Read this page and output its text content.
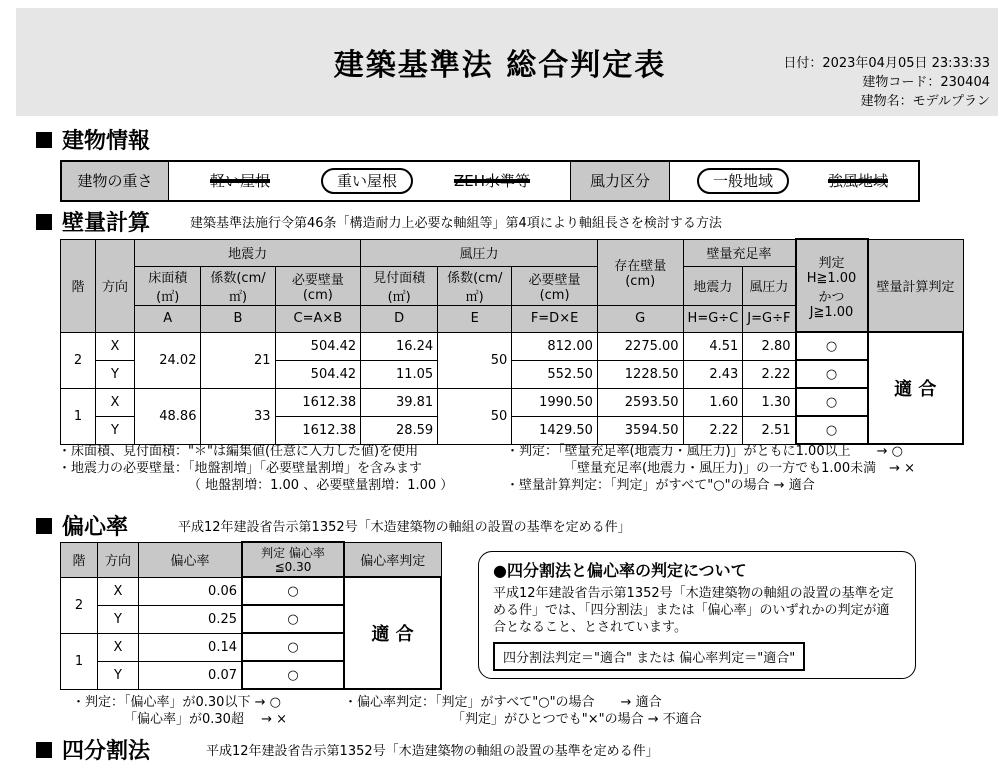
建築基準法 総合判定表	日付：2023年04月05日 23:33:33
建物コード：230404
建物名：モデルプラン
建物情報
建物の重さ	軽い屋根	重い屋根	ZEH水準等	風力区分	一般地域	強風地域
壁量計算	建築基準法施行令第46条「構造耐力上必要な軸組等」第4項により軸組長さを検討する方法
階	方向	地震力			風圧力			存在壁量(cm)	壁量充足率		判定 H≧1.00 かつ J≧1.00	壁量計算判定
		床面積(㎡)	係数(cm/㎡)	必要壁量(cm)	見付面積(㎡)	係数(cm/㎡)	必要壁量(cm)		地震力	風圧力		
		A	B	C=A×B	D	E	F=D×E	G	H=G÷C	J=G÷F		
2	X	24.02	21	504.42	16.24	50	812.00	2275.00	4.51	2.80	○	適 合
	Y			504.42	11.05		552.50	1228.50	2.43	2.22	○	
1	X	48.86	33	1612.38	39.81	50	1990.50	2593.50	1.60	1.30	○	
	Y			1612.38	28.59		1429.50	3594.50	2.22	2.51	○	
・床面積、見付面積："＊"は編集値(任意に入力した値)を使用
・地震力の必要壁量：「地盤割増」「必要壁量割増」を含みます
（ 地盤割増：1.00 、必要壁量割増：1.00 ）
・判定：「壁量充足率(地震力・風圧力)」がともに1.00以上　　→ ○
「壁量充足率(地震力・風圧力)」の一方でも1.00未満　→ ×
・壁量計算判定：「判定」がすべて"○"の場合 → 適合
偏心率	平成12年建設省告示第1352号「木造建築物の軸組の設置の基準を定める件」
階	方向	偏心率	判定 偏心率≦0.30	偏心率判定
2	X	0.06	○	適 合
	Y	0.25	○	
1	X	0.14	○	
	Y	0.07	○	
●四分割法と偏心率の判定について
平成12年建設省告示第1352号「木造建築物の軸組の設置の基準を定める件」では、「四分割法」または「偏心率」のいずれかの判定が適合となること、とされています。
四分割法判定＝"適合" または 偏心率判定＝"適合"
・判定：「偏心率」が0.30以下 → ○
「偏心率」が0.30超　 → ×
・偏心率判定：「判定」がすべて"○"の場合　　→ 適合
「判定」がひとつでも"×"の場合 → 不適合
四分割法	平成12年建設省告示第1352号「木造建築物の軸組の設置の基準を定める件」
